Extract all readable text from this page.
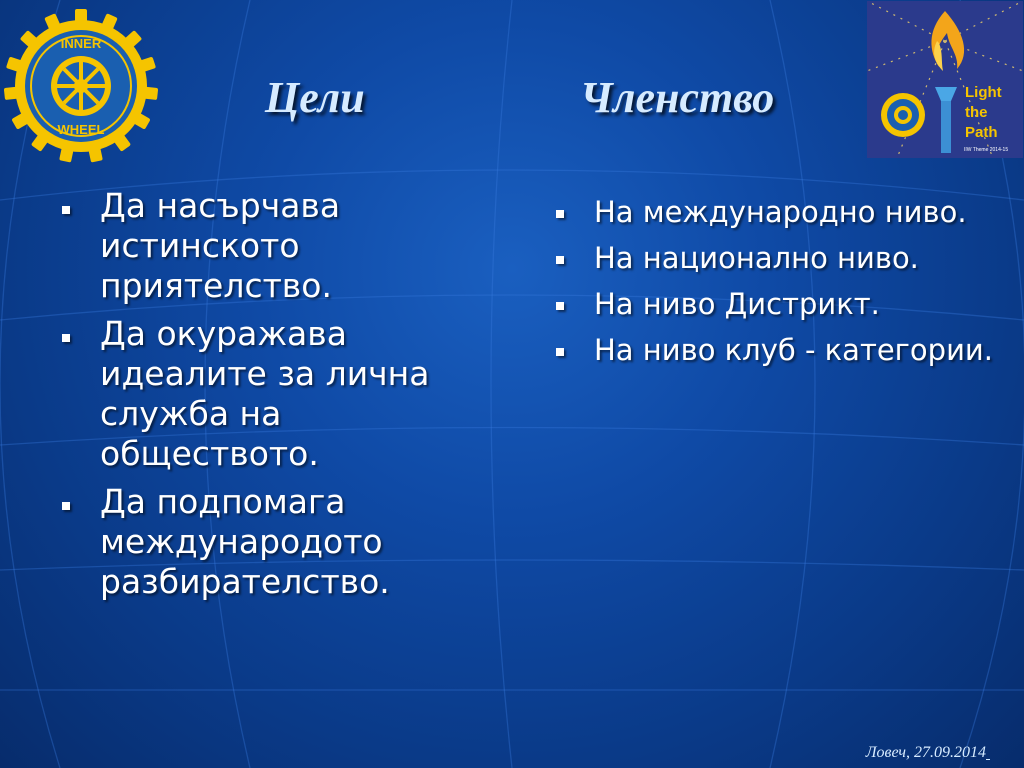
INNER
WHEEL
Light
the
Path
IIW Theme 2014-15
Цели	Членство
Да насърчава истинското приятелство.
Да окуражава идеалите за лична служба на обществото.
Да подпомага международото разбирателство.
На международно ниво.
На национално ниво.
На ниво Дистрикт.
На ниво клуб - категории.
Ловеч, 27.09.2014
